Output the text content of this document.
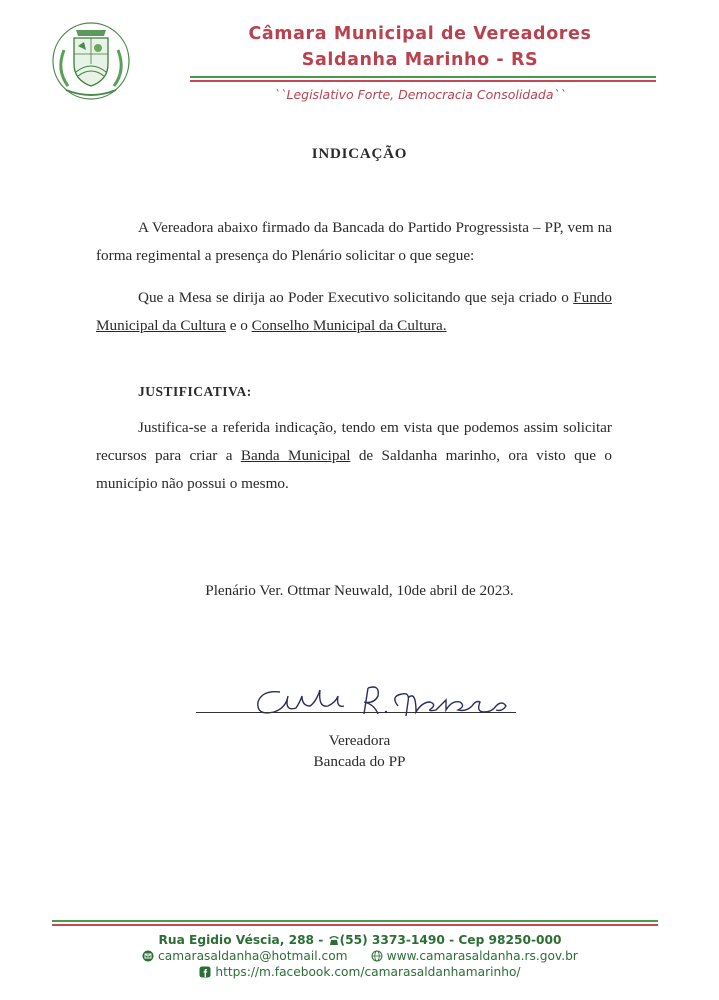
Câmara Municipal de Vereadores
Saldanha Marinho - RS
``Legislativo Forte, Democracia Consolidada``
INDICAÇÃO
A Vereadora abaixo firmado da Bancada do Partido Progressista – PP, vem na forma regimental a presença do Plenário solicitar o que segue:
Que a Mesa se dirija ao Poder Executivo solicitando que seja criado o Fundo Municipal da Cultura e o Conselho Municipal da Cultura.
JUSTIFICATIVA:
Justifica-se a referida indicação, tendo em vista que podemos assim solicitar recursos para criar a Banda Municipal de Saldanha marinho, ora visto que o município não possui o mesmo.
Plenário Ver. Ottmar Neuwald, 10de abril de 2023.
Vereadora
Bancada do PP
Rua Egidio Véscia, 288 - (55) 3373-1490 - Cep 98250-000
camarasaldanha@hotmail.com	www.camarasaldanha.rs.gov.br
https://m.facebook.com/camarasaldanhamarinho/
